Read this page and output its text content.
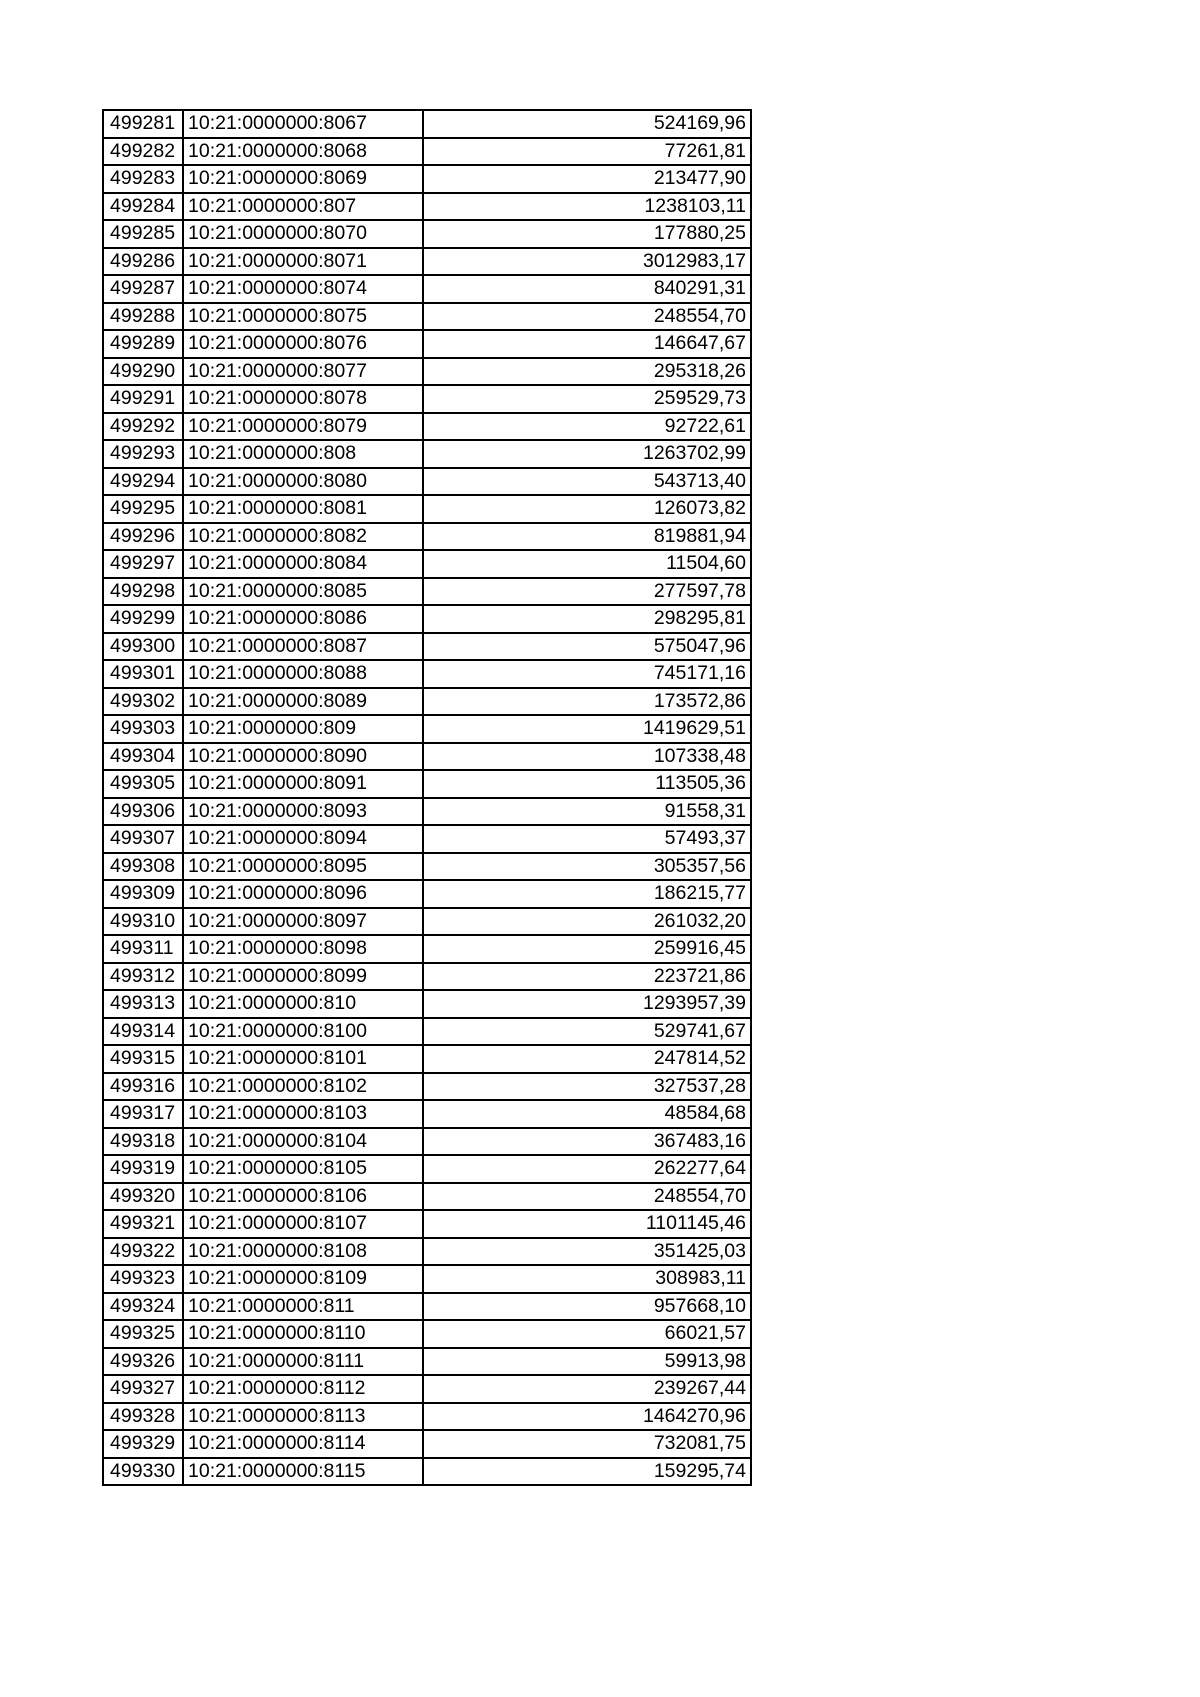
499281	10:21:0000000:8067	524169,96
499282	10:21:0000000:8068	77261,81
499283	10:21:0000000:8069	213477,90
499284	10:21:0000000:807	1238103,11
499285	10:21:0000000:8070	177880,25
499286	10:21:0000000:8071	3012983,17
499287	10:21:0000000:8074	840291,31
499288	10:21:0000000:8075	248554,70
499289	10:21:0000000:8076	146647,67
499290	10:21:0000000:8077	295318,26
499291	10:21:0000000:8078	259529,73
499292	10:21:0000000:8079	92722,61
499293	10:21:0000000:808	1263702,99
499294	10:21:0000000:8080	543713,40
499295	10:21:0000000:8081	126073,82
499296	10:21:0000000:8082	819881,94
499297	10:21:0000000:8084	11504,60
499298	10:21:0000000:8085	277597,78
499299	10:21:0000000:8086	298295,81
499300	10:21:0000000:8087	575047,96
499301	10:21:0000000:8088	745171,16
499302	10:21:0000000:8089	173572,86
499303	10:21:0000000:809	1419629,51
499304	10:21:0000000:8090	107338,48
499305	10:21:0000000:8091	113505,36
499306	10:21:0000000:8093	91558,31
499307	10:21:0000000:8094	57493,37
499308	10:21:0000000:8095	305357,56
499309	10:21:0000000:8096	186215,77
499310	10:21:0000000:8097	261032,20
499311	10:21:0000000:8098	259916,45
499312	10:21:0000000:8099	223721,86
499313	10:21:0000000:810	1293957,39
499314	10:21:0000000:8100	529741,67
499315	10:21:0000000:8101	247814,52
499316	10:21:0000000:8102	327537,28
499317	10:21:0000000:8103	48584,68
499318	10:21:0000000:8104	367483,16
499319	10:21:0000000:8105	262277,64
499320	10:21:0000000:8106	248554,70
499321	10:21:0000000:8107	1101145,46
499322	10:21:0000000:8108	351425,03
499323	10:21:0000000:8109	308983,11
499324	10:21:0000000:811	957668,10
499325	10:21:0000000:8110	66021,57
499326	10:21:0000000:8111	59913,98
499327	10:21:0000000:8112	239267,44
499328	10:21:0000000:8113	1464270,96
499329	10:21:0000000:8114	732081,75
499330	10:21:0000000:8115	159295,74
